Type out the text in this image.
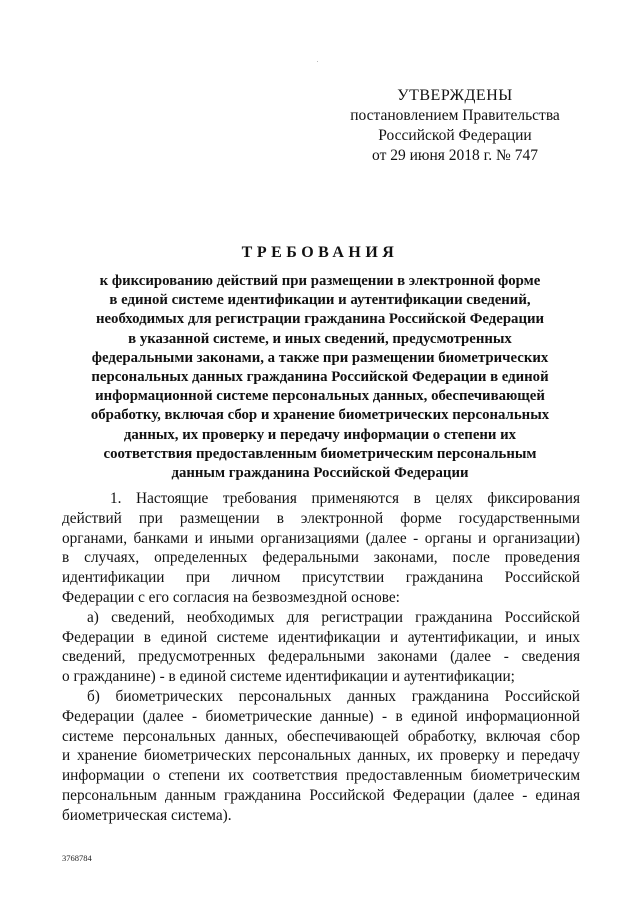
УТВЕРЖДЕНЫ
постановлением Правительства
Российской Федерации
от 29 июня 2018 г. № 747
ТРЕБОВАНИЯ
к фиксированию действий при размещении в электронной форме
в единой системе идентификации и аутентификации сведений,
необходимых для регистрации гражданина Российской Федерации
в указанной системе, и иных сведений, предусмотренных
федеральными законами, а также при размещении биометрических
персональных данных гражданина Российской Федерации в единой
информационной системе персональных данных, обеспечивающей
обработку, включая сбор и хранение биометрических персональных
данных, их проверку и передачу информации о степени их
соответствия предоставленным биометрическим персональным
данным гражданина Российской Федерации
1. Настоящие требования применяются в целях фиксирования
действий при размещении в электронной форме государственными
органами, банками и иными организациями (далее - органы и организации)
в случаях, определенных федеральными законами, после проведения
идентификации при личном присутствии гражданина Российской
Федерации с его согласия на безвозмездной основе:
а) сведений, необходимых для регистрации гражданина Российской
Федерации в единой системе идентификации и аутентификации, и иных
сведений, предусмотренных федеральными законами (далее - сведения
о гражданине) - в единой системе идентификации и аутентификации;
б) биометрических персональных данных гражданина Российской
Федерации (далее - биометрические данные) - в единой информационной
системе персональных данных, обеспечивающей обработку, включая сбор
и хранение биометрических персональных данных, их проверку и передачу
информации о степени их соответствия предоставленным биометрическим
персональным данным гражданина Российской Федерации (далее - единая
биометрическая система).
3768784
